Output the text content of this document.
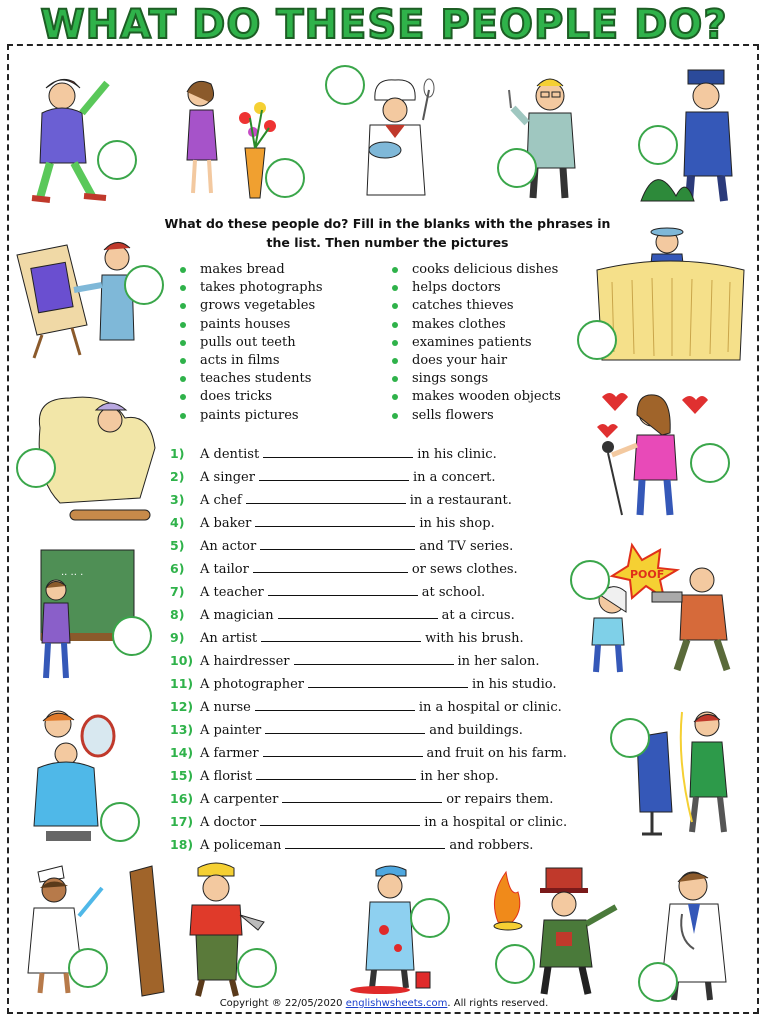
WHAT DO THESE PEOPLE DO?
·· ·· ·	POOF
What do these people do? Fill in the blanks with the phrases in the list. Then number the pictures
makes bread
takes photographs
grows vegetables
paints houses
pulls out teeth
acts in films
teaches students
does tricks
paints pictures
cooks delicious dishes
helps doctors
catches thieves
makes clothes
examines patients
does your hair
sings songs
makes wooden objects
sells flowers
1) A dentist	in his clinic.
2) A singer	in a concert.
3) A chef	in a restaurant.
4) A baker	in his shop.
5) An actor	and TV series.
6) A tailor	or sews clothes.
7) A teacher	at school.
8) A magician	at a circus.
9) An artist	with his brush.
10) A hairdresser	in her salon.
11) A photographer	in his studio.
12) A nurse	in a hospital or clinic.
13) A painter	and buildings.
14) A farmer	and fruit on his farm.
15) A florist	in her shop.
16) A carpenter	or repairs them.
17) A doctor	in a hospital or clinic.
18) A policeman	and robbers.
Copyright ® 22/05/2020 englishwsheets.com. All rights reserved.
